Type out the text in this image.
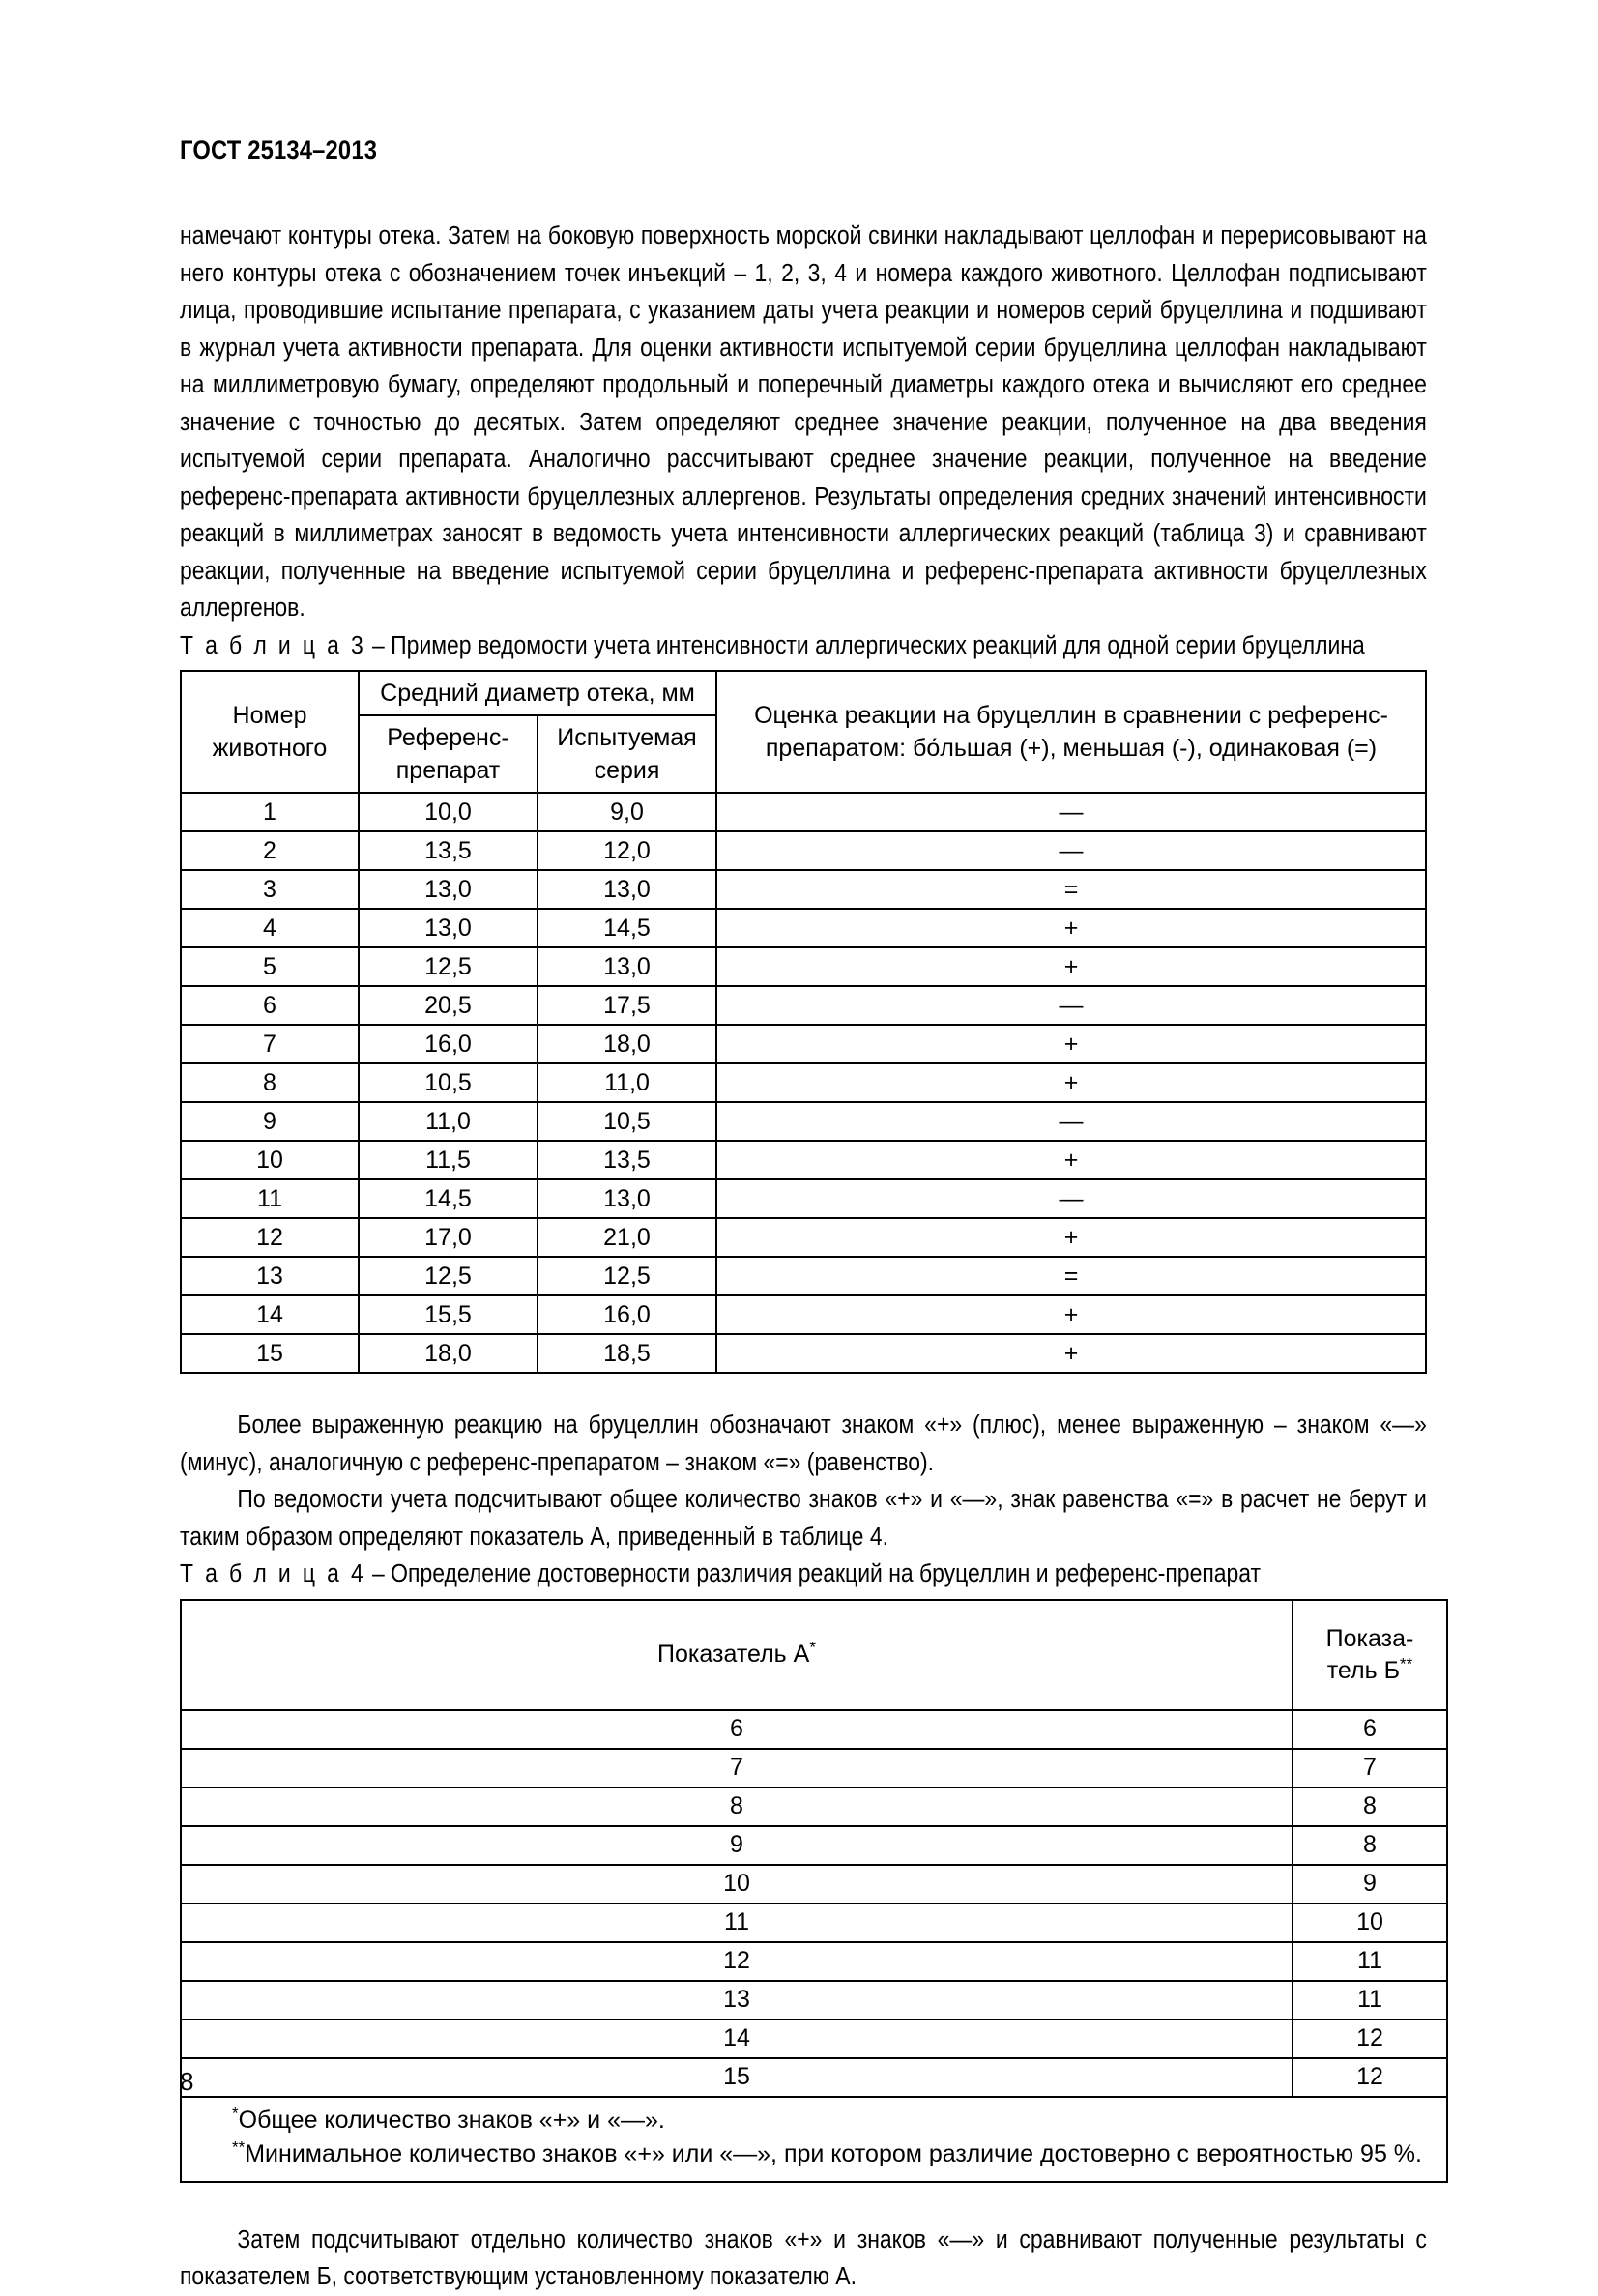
ГОСТ 25134–2013

намечают контуры отека. Затем на боковую поверхность морской свинки накладывают целлофан и перерисовывают на него контуры отека с обозначением точек инъекций – 1, 2, 3, 4 и номера каждого животного. Целлофан подписывают лица, проводившие испытание препарата, с указанием даты учета реакции и номеров серий бруцеллина и подшивают в журнал учета активности препарата. Для оценки активности испытуемой серии бруцеллина целлофан накладывают на миллиметровую бумагу, определяют продольный и поперечный диаметры каждого отека и вычисляют его среднее значение с точностью до десятых. Затем определяют среднее значение реакции, полученное на два введения испытуемой серии препарата. Аналогично рассчитывают среднее значение реакции, полученное на введение референс-препарата активности бруцеллезных аллергенов. Результаты определения средних значений интенсивности реакций в миллиметрах заносят в ведомость учета интенсивности аллергических реакций (таблица 3) и сравнивают реакции, полученные на введение испытуемой серии бруцеллина и референс-препарата активности бруцеллезных аллергенов.

Т а б л и ц а 3 – Пример ведомости учета интенсивности аллергических реакций для одной серии бруцеллина

Номер животного	Средний диаметр отека, мм		Оценка реакции на бруцеллин в сравнении с референс-препаратом: бо́льшая (+), меньшая (-), одинаковая (=)
	Референс-препарат	Испытуемая серия	
1	10,0	9,0	—
2	13,5	12,0	—
3	13,0	13,0	=
4	13,0	14,5	+
5	12,5	13,0	+
6	20,5	17,5	—
7	16,0	18,0	+
8	10,5	11,0	+
9	11,0	10,5	—
10	11,5	13,5	+
11	14,5	13,0	—
12	17,0	21,0	+
13	12,5	12,5	=
14	15,5	16,0	+
15	18,0	18,5	+

Более выраженную реакцию на бруцеллин обозначают знаком «+» (плюс), менее выраженную – знаком «—» (минус), аналогичную с референс-препаратом – знаком «=» (равенство).

По ведомости учета подсчитывают общее количество знаков «+» и «—», знак равенства «=» в расчет не берут и таким образом определяют показатель А, приведенный в таблице 4.

Т а б л и ц а 4 – Определение достоверности различия реакций на бруцеллин и референс-препарат

Показатель А*	Показа-
тель Б**
6	6
7	7
8	8
9	8
10	9
11	10
12	11
13	11
14	12
15	12

*Общее количество знаков «+» и «—».
**Минимальное количество знаков «+» или «—», при котором различие достоверно с вероятностью 95 %.	

Затем подсчитывают отдельно количество знаков «+» и знаков «—» и сравнивают полученные результаты с показателем Б, соответствующим установленному показателю А.

8
